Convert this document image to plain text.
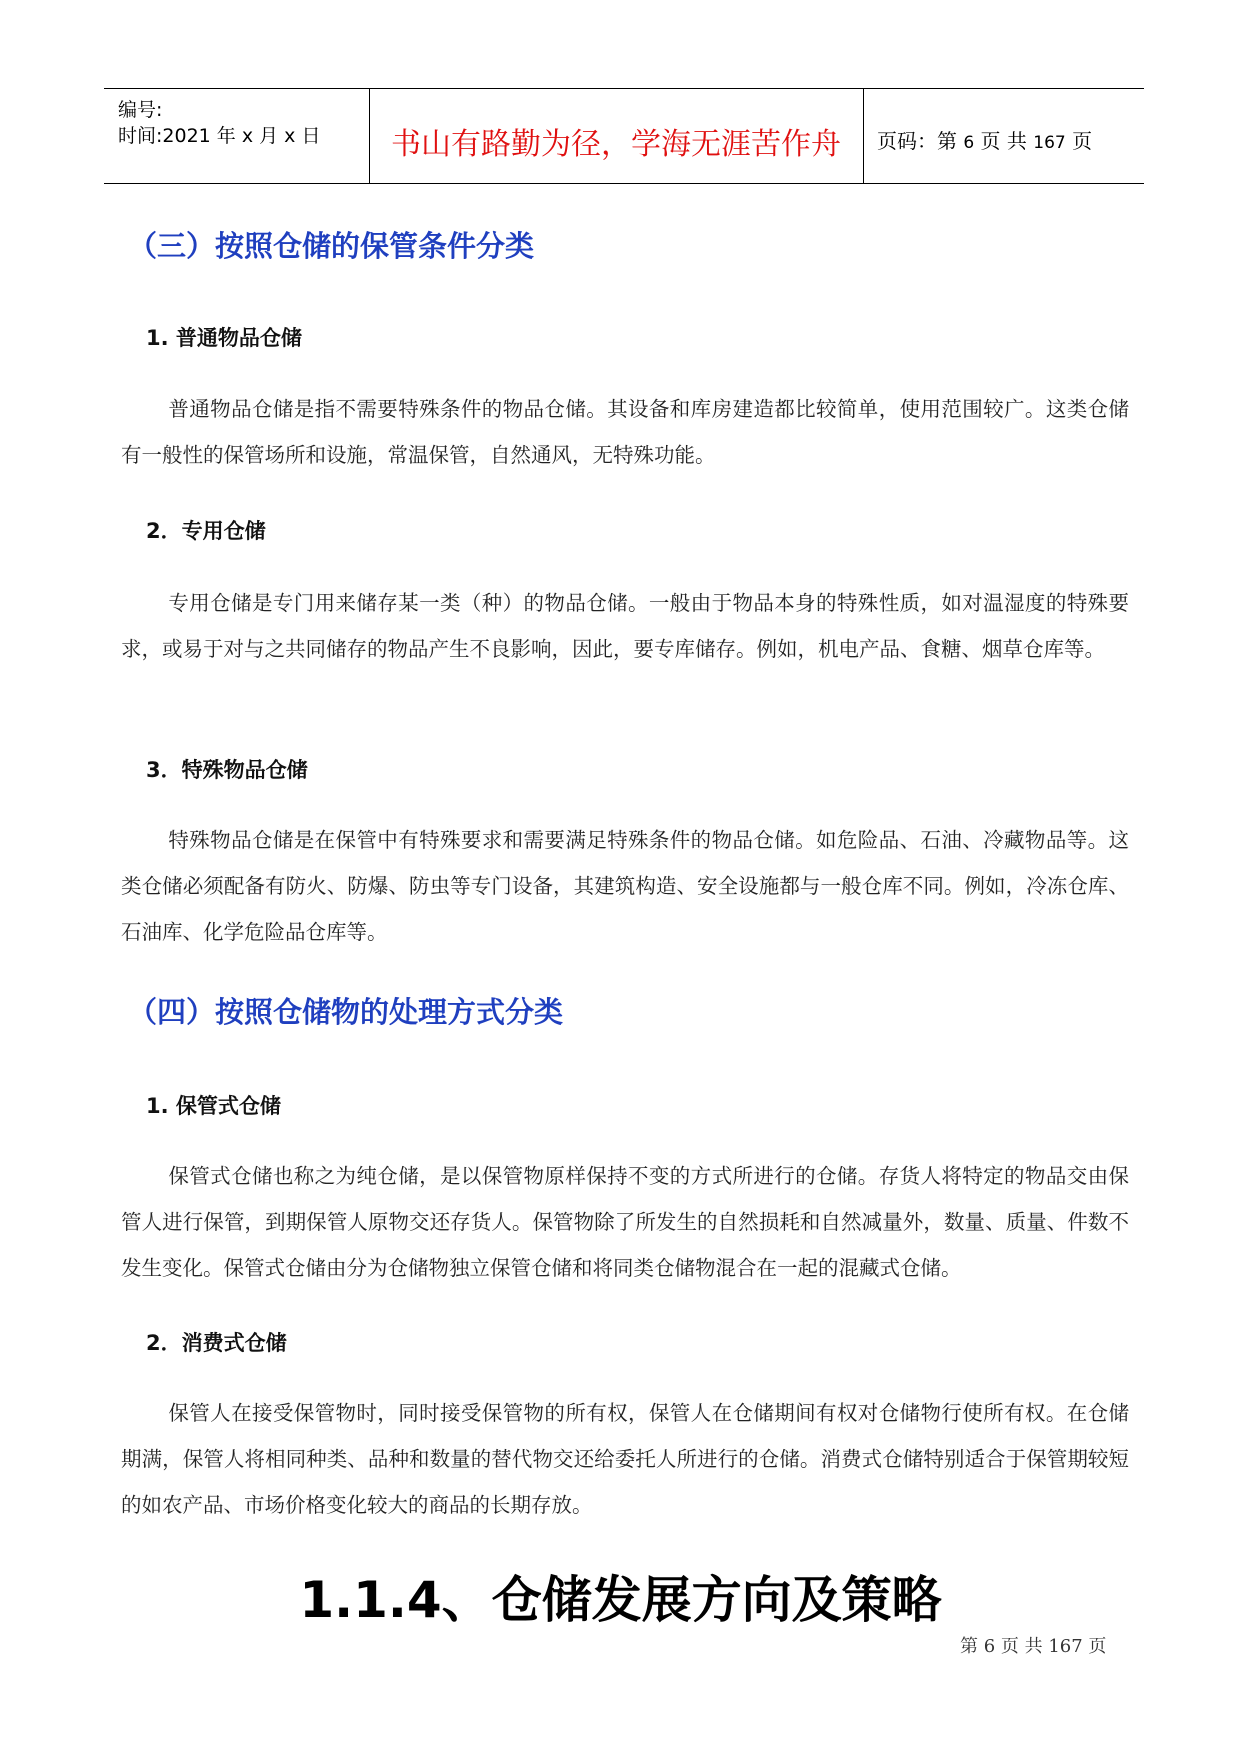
编号:
时间:2021 年 x 月 x 日	书山有路勤为径，学海无涯苦作舟	页码：第 6 页 共 167 页
（三）按照仓储的保管条件分类
1. 普通物品仓储

普通物品仓储是指不需要特殊条件的物品仓储。其设备和库房建造都比较简单，使用范围较广。这类仓储有一般性的保管场所和设施，常温保管，自然通风，无特殊功能。

2．专用仓储

专用仓储是专门用来储存某一类（种）的物品仓储。一般由于物品本身的特殊性质，如对温湿度的特殊要求，或易于对与之共同储存的物品产生不良影响，因此，要专库储存。例如，机电产品、食糖、烟草仓库等。

3．特殊物品仓储

特殊物品仓储是在保管中有特殊要求和需要满足特殊条件的物品仓储。如危险品、石油、冷藏物品等。这类仓储必须配备有防火、防爆、防虫等专门设备，其建筑构造、安全设施都与一般仓库不同。例如，冷冻仓库、石油库、化学危险品仓库等。

（四）按照仓储物的处理方式分类
1. 保管式仓储

保管式仓储也称之为纯仓储，是以保管物原样保持不变的方式所进行的仓储。存货人将特定的物品交由保管人进行保管，到期保管人原物交还存货人。保管物除了所发生的自然损耗和自然减量外，数量、质量、件数不发生变化。保管式仓储由分为仓储物独立保管仓储和将同类仓储物混合在一起的混藏式仓储。

2．消费式仓储

保管人在接受保管物时，同时接受保管物的所有权，保管人在仓储期间有权对仓储物行使所有权。在仓储期满，保管人将相同种类、品种和数量的替代物交还给委托人所进行的仓储。消费式仓储特别适合于保管期较短的如农产品、市场价格变化较大的商品的长期存放。

1.1.4、仓储发展方向及策略
第 6 页 共 167 页
